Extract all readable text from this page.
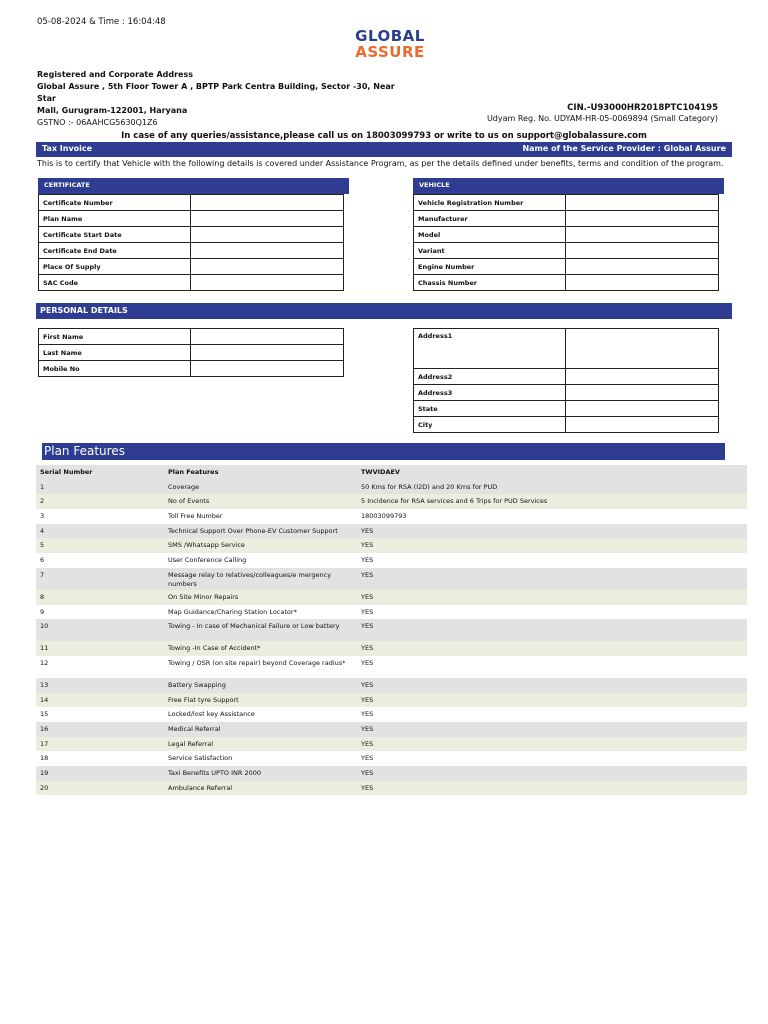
05-08-2024 & Time : 16:04:48
GLOBAL
ASSURE
Registered and Corporate Address
Global Assure , 5th Floor Tower A , BPTP Park Centra Building, Sector -30, Near Star
Mall, Gurugram-122001, Haryana
GSTNO :- 06AAHCG5630Q1Z6
CIN.-U93000HR2018PTC104195
Udyam Reg. No. UDYAM-HR-05-0069894 (Small Category)
In case of any queries/assistance,please call us on 18003099793 or write to us on support@globalassure.com
Tax Invoice	Name of the Service Provider : Global Assure
This is to certify that Vehicle with the following details is covered under Assistance Program, as per the details defined under benefits, terms and condition of the program.
CERTIFICATE
Certificate Number	
Plan Name	
Certificate Start Date	
Certificate End Date	
Place Of Supply	
SAC Code	
VEHICLE
Vehicle Registration Number	
Manufacturer	
Model	
Variant	
Engine Number	
Chassis Number	
PERSONAL DETAILS
First Name	
Last Name	
Mobile No	
Address1	
Address2	
Address3	
State	
City	
Plan Features
Serial Number	Plan Features	TWVIDAEV
1	Coverage	50 Kms for RSA (I2D) and 20 Kms for PUD
2	No of Events	5 Incidence for RSA services and 6 Trips for PUD Services
3	Toll Free Number	18003099793
4	Technical Support Over Phone-EV Customer Support	YES
5	SMS /Whatsapp Service	YES
6	User Conference Calling	YES
7	Message relay to relatives/colleagues/e mergency numbers	YES
8	On Site Minor Repairs	YES
9	Map Guidance/Charing Station Locator*	YES
10	Towing - In case of Mechanical Failure or Low battery	YES
11	Towing -In Case of Accident*	YES
12	Towing / OSR (on site repair) beyond Coverage radius*	YES
13	Battery Swapping	YES
14	Free Flat tyre Support	YES
15	Locked/lost key Assistance	YES
16	Medical Referral	YES
17	Legal Referral	YES
18	Service Satisfaction	YES
19	Taxi Benefits UPTO INR 2000	YES
20	Ambulance Referral	YES
